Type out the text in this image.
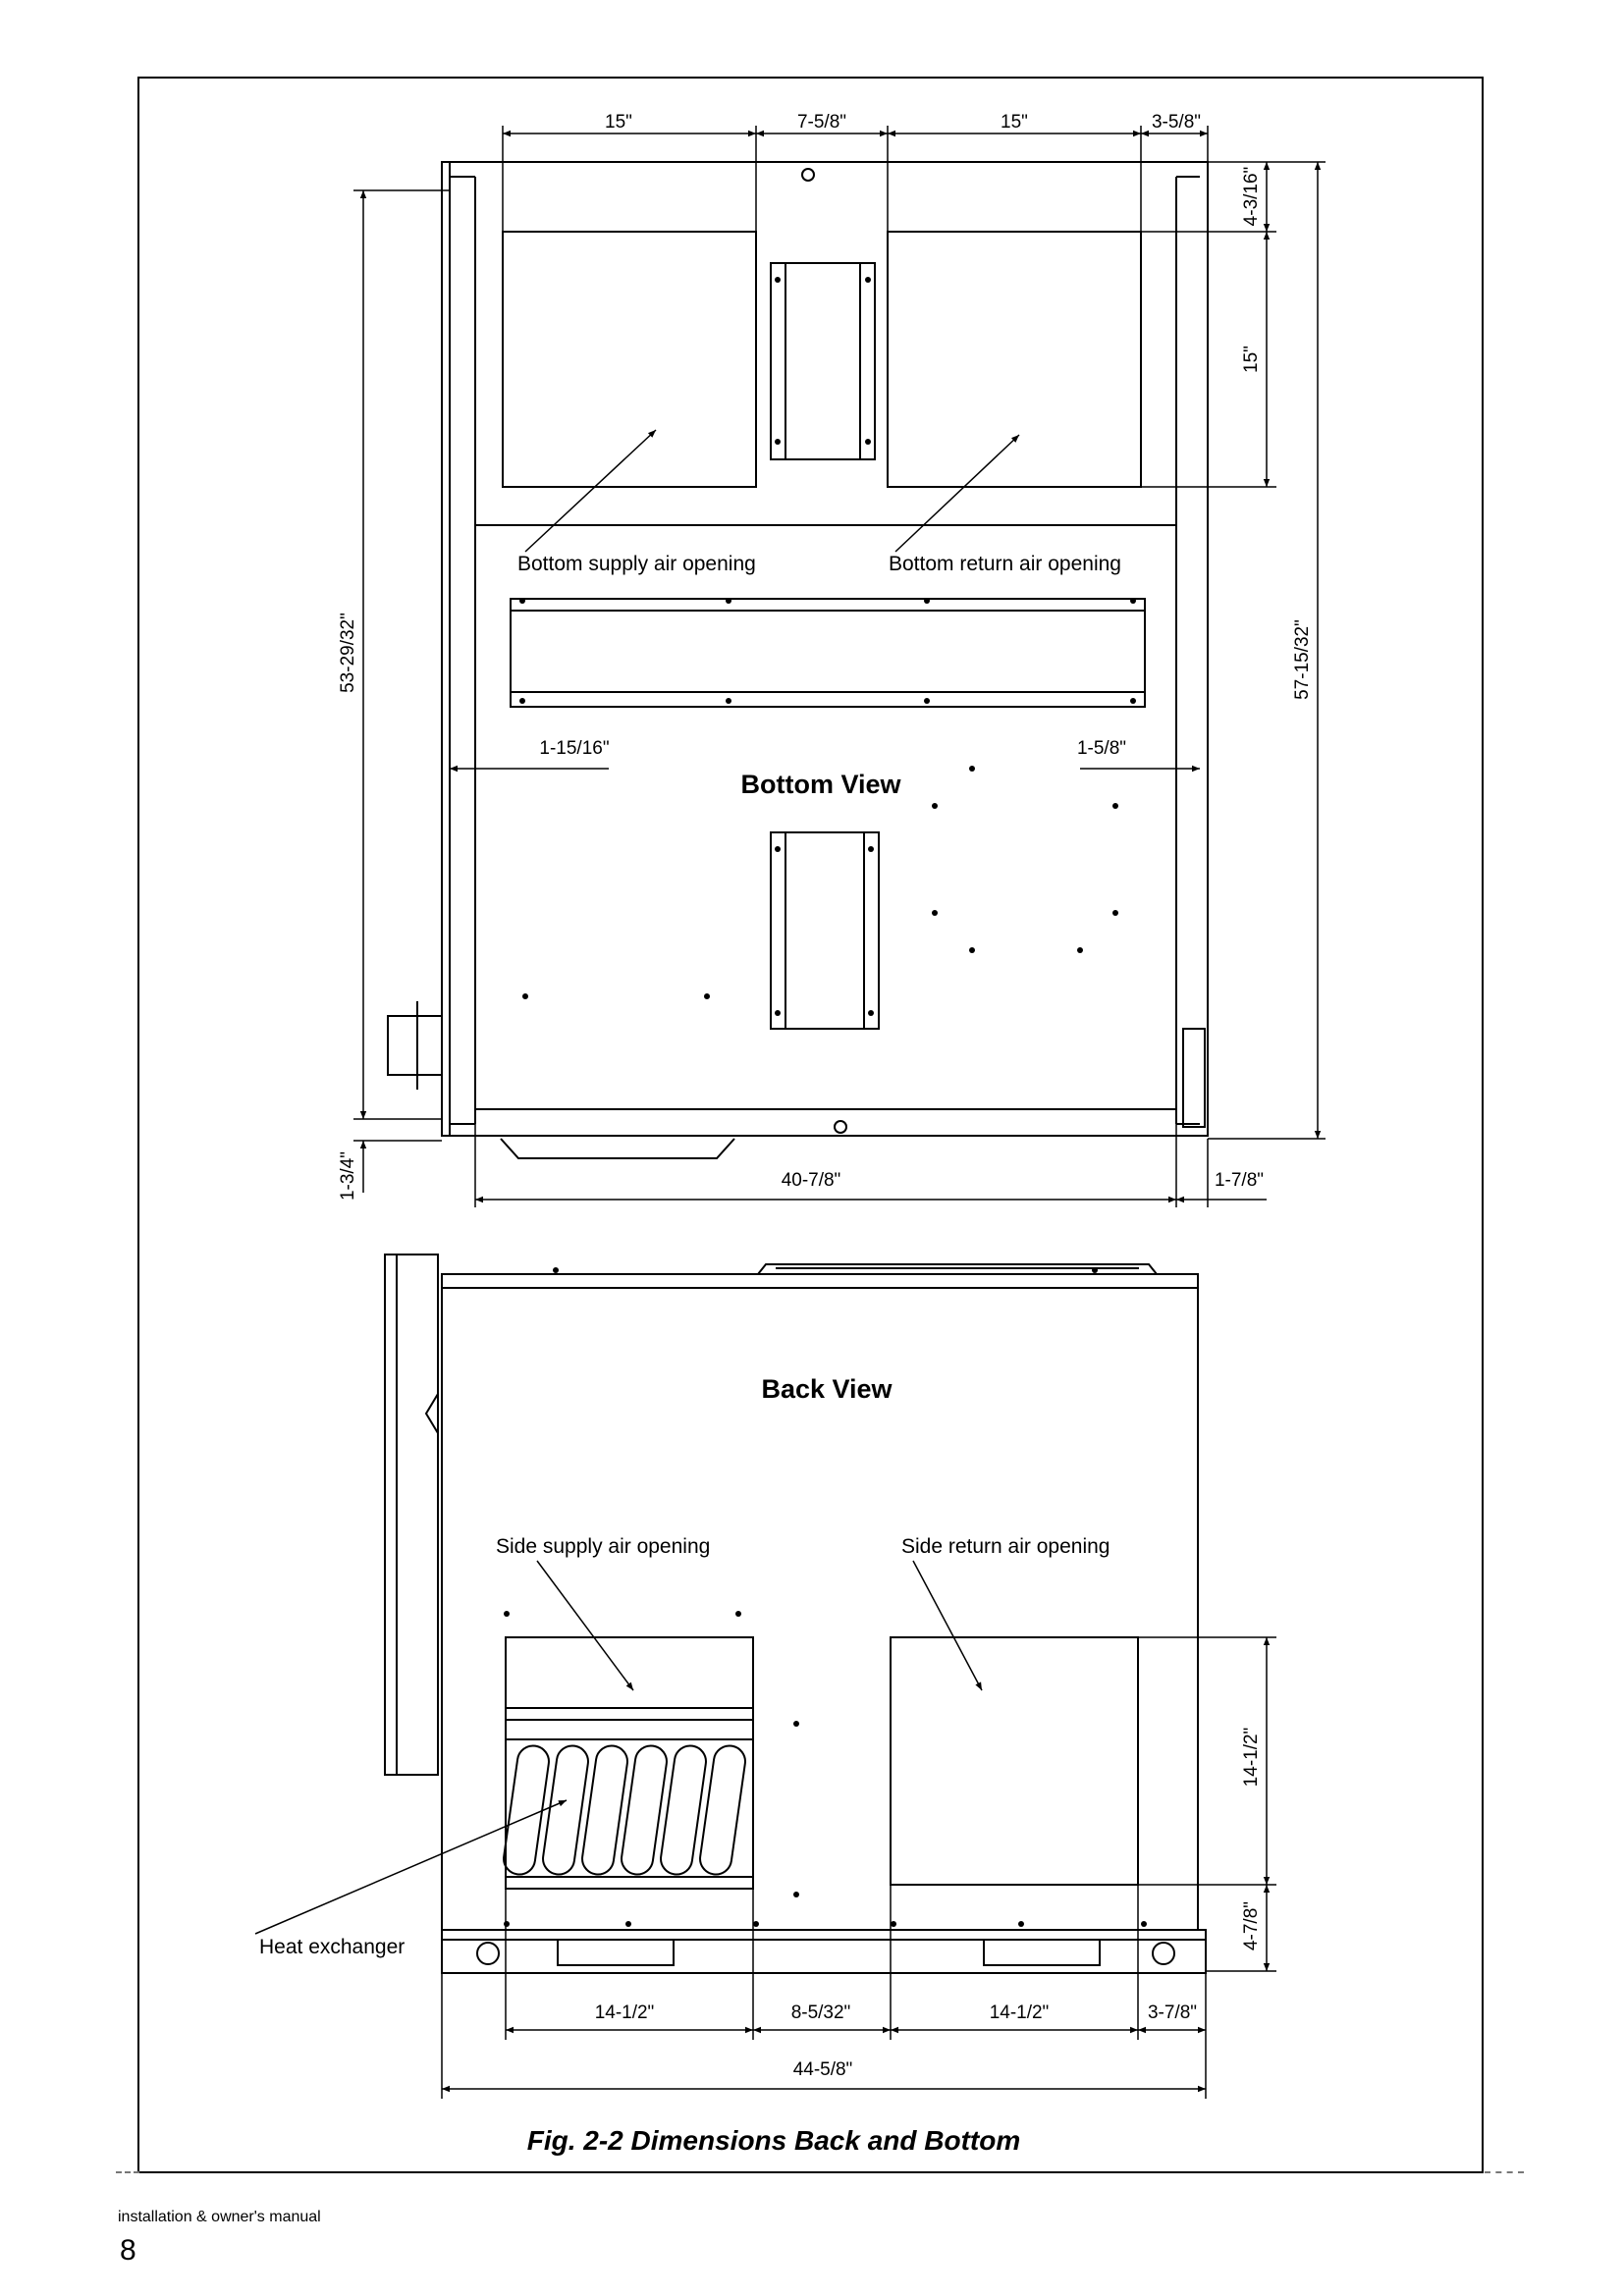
15"	7-5/8"	15"	3-5/8"
4-3/16"
15"
57-15/32"
53-29/32"
1-3/4"
1-15/16"	1-5/8"
40-7/8"	1-7/8"
Bottom supply air opening	Bottom return air opening
Bottom View
Back View
Side supply air opening	Side return air opening
Heat exchanger
14-1/2"	8-5/32"	14-1/2"	3-7/8"
44-5/8"
14-1/2"
4-7/8"
Fig. 2-2 Dimensions Back and Bottom
installation & owner's manual
8
